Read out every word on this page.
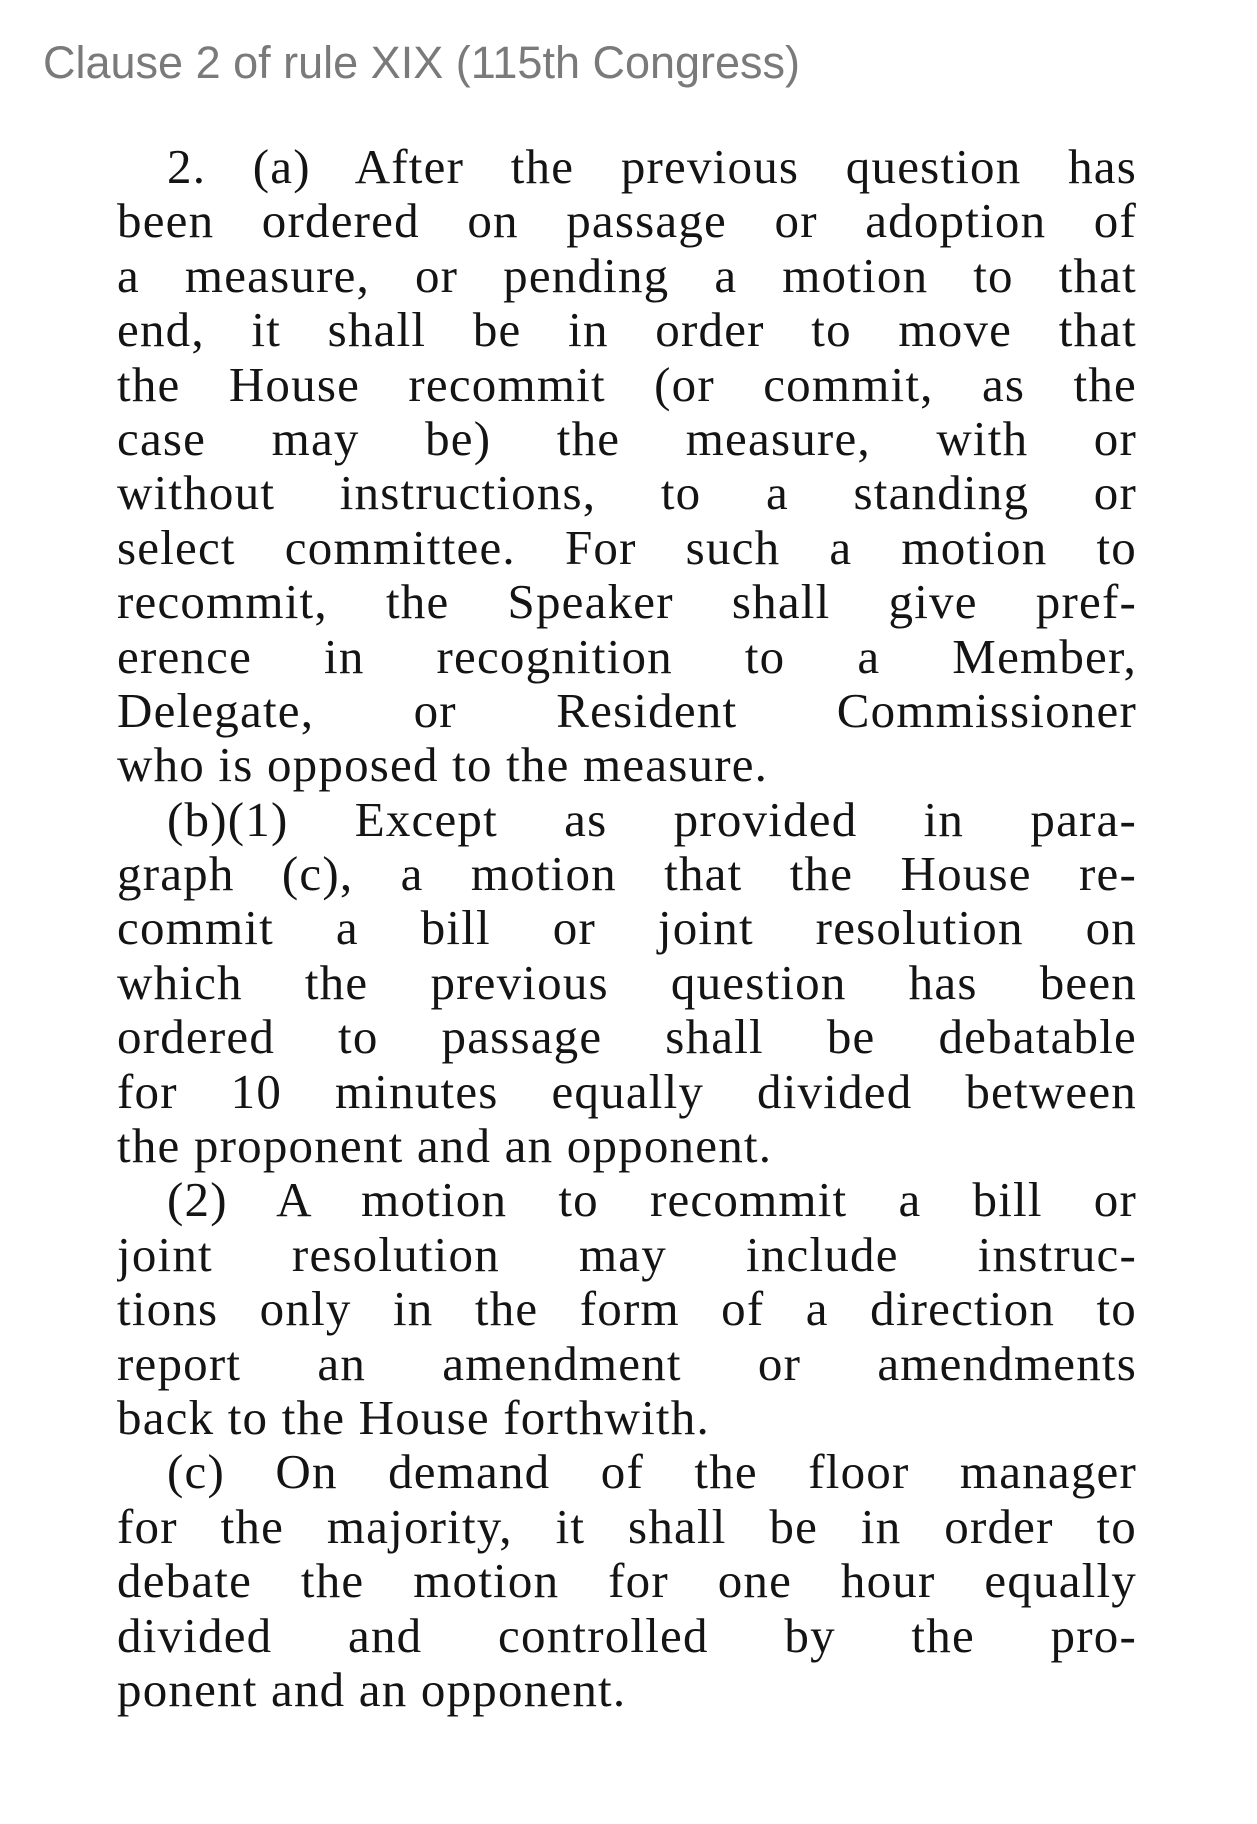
Clause 2 of rule XIX (115th Congress)
2. (a) After the previous question has
been ordered on passage or adoption of
a measure, or pending a motion to that
end, it shall be in order to move that
the House recommit (or commit, as the
case may be) the measure, with or
without instructions, to a standing or
select committee. For such a motion to
recommit, the Speaker shall give pref-
erence in recognition to a Member,
Delegate, or Resident Commissioner
who is opposed to the measure.
(b)(1) Except as provided in para-
graph (c), a motion that the House re-
commit a bill or joint resolution on
which the previous question has been
ordered to passage shall be debatable
for 10 minutes equally divided between
the proponent and an opponent.
(2) A motion to recommit a bill or
joint resolution may include instruc-
tions only in the form of a direction to
report an amendment or amendments
back to the House forthwith.
(c) On demand of the floor manager
for the majority, it shall be in order to
debate the motion for one hour equally
divided and controlled by the pro-
ponent and an opponent.
